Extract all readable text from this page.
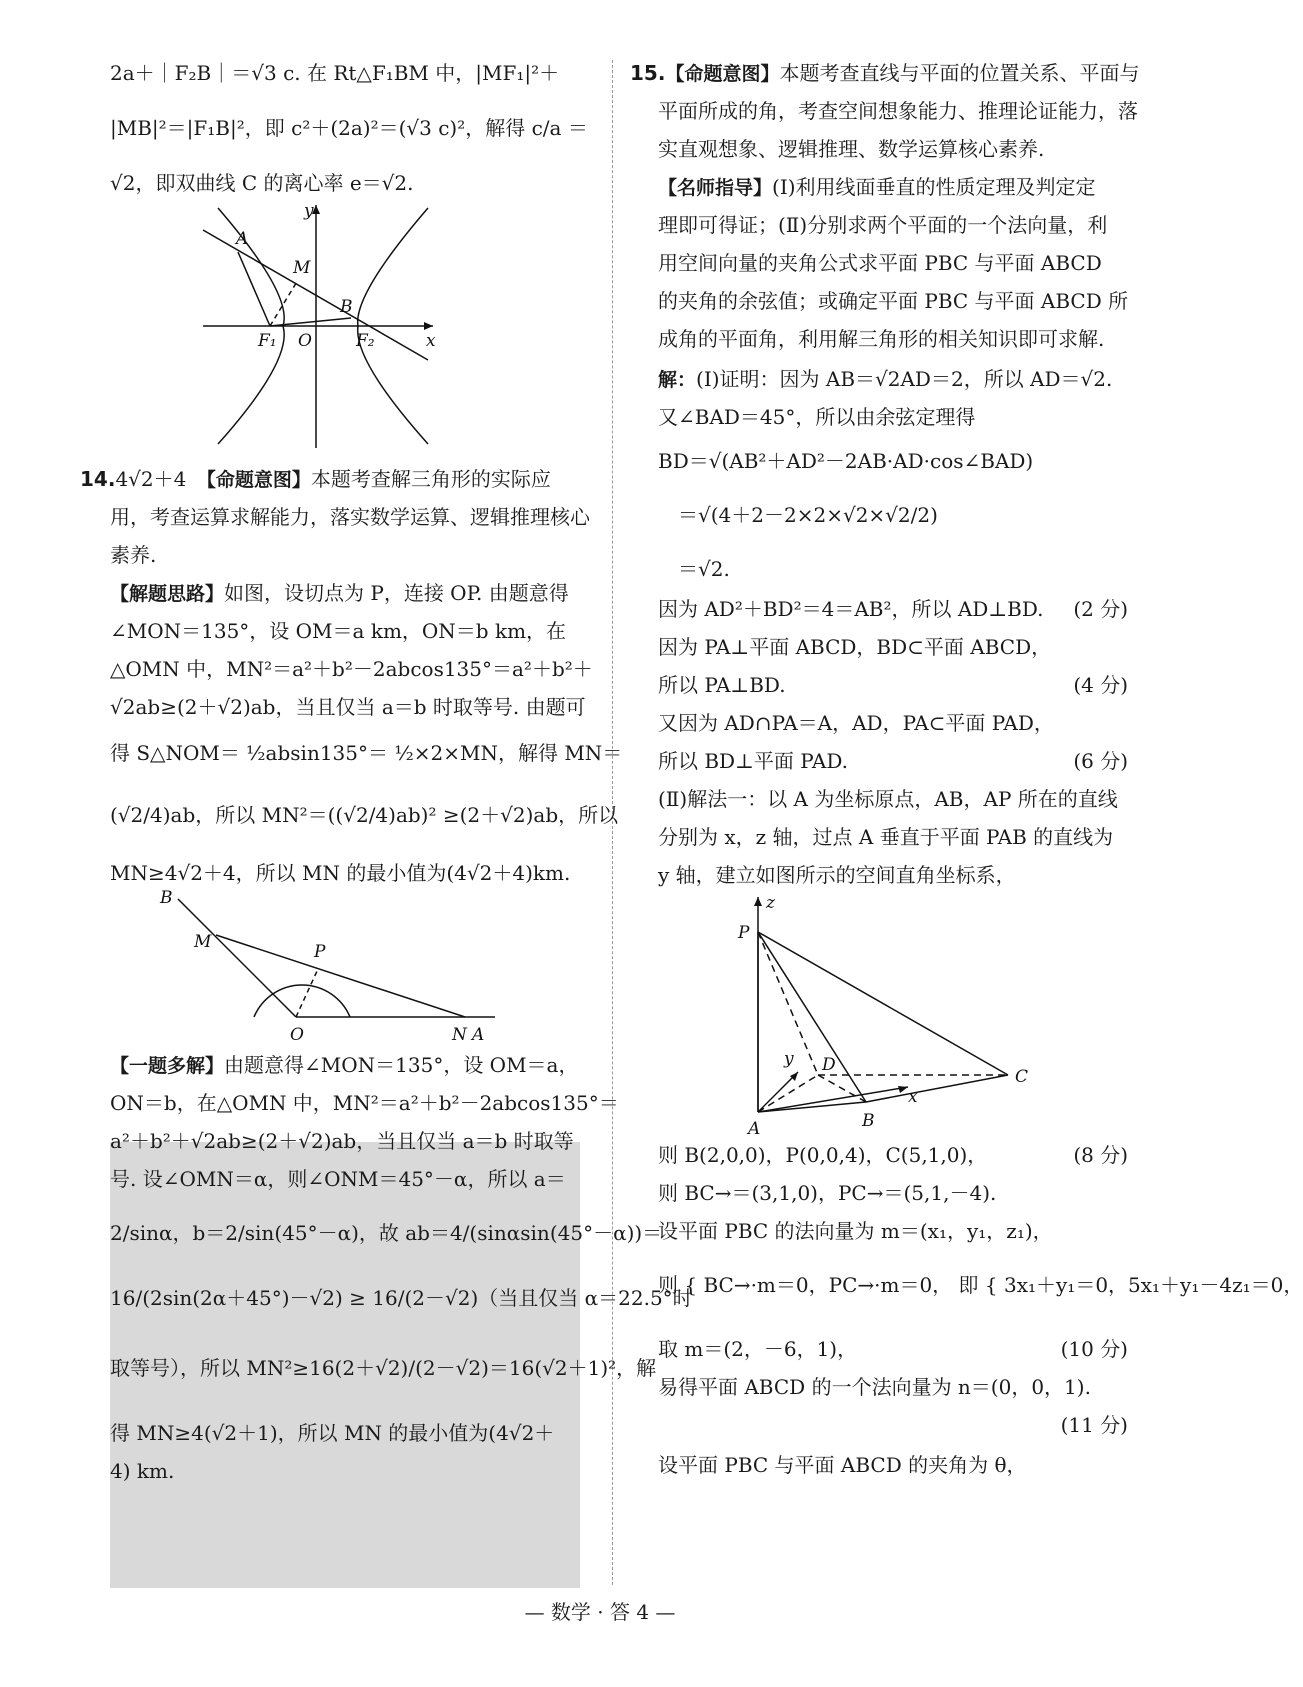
2a＋｜F₂B｜＝√3 c. 在 Rt△F₁BM 中，|MF₁|²＋
|MB|²＝|F₁B|²，即 c²＋(2a)²＝(√3 c)²，解得 c/a ＝
√2，即双曲线 C 的离心率 e＝√2.
y
A
M
B
F₁ O	F₂	x
14.4√2＋4　【命题意图】本题考查解三角形的实际应
用，考查运算求解能力，落实数学运算、逻辑推理核心
素养.
【解题思路】如图，设切点为 P，连接 OP. 由题意得
∠MON＝135°，设 OM＝a km，ON＝b km，在
△OMN 中，MN²＝a²＋b²－2abcos135°＝a²＋b²＋
√2ab≥(2＋√2)ab，当且仅当 a＝b 时取等号. 由题可
得 S△NOM＝ ½absin135°＝ ½×2×MN，解得 MN＝
(√2/4)ab，所以 MN²＝((√2/4)ab)² ≥(2＋√2)ab，所以
MN≥4√2＋4，所以 MN 的最小值为(4√2＋4)km.
B
M	P
O	N A
【一题多解】由题意得∠MON＝135°，设 OM＝a，
ON＝b，在△OMN 中，MN²＝a²＋b²－2abcos135°＝
a²＋b²＋√2ab≥(2＋√2)ab，当且仅当 a＝b 时取等
号. 设∠OMN＝α，则∠ONM＝45°－α，所以 a＝
2/sinα，b＝2/sin(45°－α)，故 ab＝4/(sinαsin(45°－α))＝
16/(2sin(2α＋45°)－√2) ≥ 16/(2－√2)（当且仅当 α＝22.5°时
取等号），所以 MN²≥16(2＋√2)/(2－√2)＝16(√2＋1)²，解
得 MN≥4(√2＋1)，所以 MN 的最小值为(4√2＋
4) km.
15.【命题意图】本题考查直线与平面的位置关系、平面与
平面所成的角，考查空间想象能力、推理论证能力，落
实直观想象、逻辑推理、数学运算核心素养.
【名师指导】(Ⅰ)利用线面垂直的性质定理及判定定
理即可得证；(Ⅱ)分别求两个平面的一个法向量，利
用空间向量的夹角公式求平面 PBC 与平面 ABCD
的夹角的余弦值；或确定平面 PBC 与平面 ABCD 所
成角的平面角，利用解三角形的相关知识即可求解.
解：(Ⅰ)证明：因为 AB＝√2AD＝2，所以 AD＝√2.
又∠BAD＝45°，所以由余弦定理得
BD＝√(AB²＋AD²－2AB·AD·cos∠BAD)
　＝√(4＋2－2×2×√2×√2/2)
　＝√2.
因为 AD²＋BD²＝4＝AB²，所以 AD⊥BD. (2 分)
因为 PA⊥平面 ABCD，BD⊂平面 ABCD，
所以 PA⊥BD.	(4 分)
又因为 AD∩PA＝A，AD，PA⊂平面 PAD，
所以 BD⊥平面 PAD.	(6 分)
(Ⅱ)解法一：以 A 为坐标原点，AB，AP 所在的直线
分别为 x，z 轴，过点 A 垂直于平面 PAB 的直线为
y 轴，建立如图所示的空间直角坐标系，
z
P
y D
C
A	B
x
则 B(2,0,0)，P(0,0,4)，C(5,1,0)，	(8 分)
则 BC→＝(3,1,0)，PC→＝(5,1,－4).
设平面 PBC 的法向量为 m＝(x₁，y₁，z₁)，
则 { BC→·m＝0，PC→·m＝0， 即 { 3x₁＋y₁＝0，5x₁＋y₁－4z₁＝0，
取 m＝(2，－6，1)，	(10 分)
易得平面 ABCD 的一个法向量为 n＝(0，0，1).
(11 分)
设平面 PBC 与平面 ABCD 的夹角为 θ，
— 数学 · 答 4 —
